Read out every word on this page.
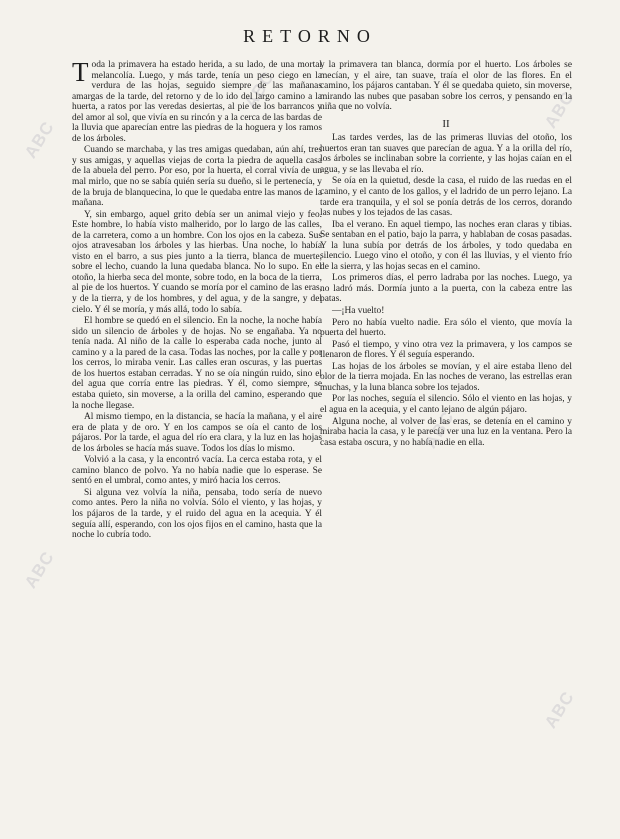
ABC
ABC
ABC
ABC
ABC
ABC
RETORNO

Toda la primavera ha estado herida, a su lado, de una mortal melancolía. Luego, y más tarde, tenía un peso ciego en la verdura de las hojas, seguido siempre de las mañanas amargas de la tarde, del retorno y de lo ido del largo camino a la huerta, a ratos por las veredas desiertas, al pie de los barrancos y del amor al sol, que vivía en su rincón y a la cerca de las bardas de la lluvia que aparecían entre las piedras de la hoguera y los ramos de los árboles.

Cuando se marchaba, y las tres amigas quedaban, aún ahí, tres y sus amigas, y aquellas viejas de corta la piedra de aquella casa de la abuela del perro. Por eso, por la huerta, el corral vivía de un mal mirlo, que no se sabía quién sería su dueño, si le pertenecía, y de la bruja de blanquecina, lo que le quedaba entre las manos de la mañana.

Y, sin embargo, aquel grito debía ser un animal viejo y feo. Este hombre, lo había visto malherido, por lo largo de las calles, de la carretera, como a un hombre. Con los ojos en la cabeza. Sus ojos atravesaban los árboles y las hierbas. Una noche, lo había visto en el barro, a sus pies junto a la tierra, blanca de muerte, sobre el lecho, cuando la luna quedaba blanca. No lo supo. En el otoño, la hierba seca del monte, sobre todo, en la boca de la tierra, al pie de los huertos. Y cuando se moría por el camino de las eras, y de la tierra, y de los hombres, y del agua, y de la sangre, y del cielo. Y él se moría, y más allá, todo lo sabía.

El hombre se quedó en el silencio. En la noche, la noche había sido un silencio de árboles y de hojas. No se engañaba. Ya no tenía nada. Al niño de la calle lo esperaba cada noche, junto al camino y a la pared de la casa. Todas las noches, por la calle y por los cerros, lo miraba venir. Las calles eran oscuras, y las puertas de los huertos estaban cerradas. Y no se oía ningún ruido, sino el del agua que corría entre las piedras. Y él, como siempre, se estaba quieto, sin moverse, a la orilla del camino, esperando que la noche llegase.

Al mismo tiempo, en la distancia, se hacía la mañana, y el aire era de plata y de oro. Y en los campos se oía el canto de los pájaros. Por la tarde, el agua del río era clara, y la luz en las hojas de los árboles se hacía más suave. Todos los días lo mismo.

Volvió a la casa, y la encontró vacía. La cerca estaba rota, y el camino blanco de polvo. Ya no había nadie que lo esperase. Se sentó en el umbral, como antes, y miró hacia los cerros.

Si alguna vez volvía la niña, pensaba, todo sería de nuevo como antes. Pero la niña no volvía. Sólo el viento, y las hojas, y los pájaros de la tarde, y el ruido del agua en la acequia. Y él seguía allí, esperando, con los ojos fijos en el camino, hasta que la noche lo cubría todo.

y la primavera tan blanca, dormía por el huerto. Los árboles se mecían, y el aire, tan suave, traía el olor de las flores. En el camino, los pájaros cantaban. Y él se quedaba quieto, sin moverse, mirando las nubes que pasaban sobre los cerros, y pensando en la niña que no volvía.

II

Las tardes verdes, las de las primeras lluvias del otoño, los huertos eran tan suaves que parecían de agua. Y a la orilla del río, los árboles se inclinaban sobre la corriente, y las hojas caían en el agua, y se las llevaba el río.

Se oía en la quietud, desde la casa, el ruido de las ruedas en el camino, y el canto de los gallos, y el ladrido de un perro lejano. La tarde era tranquila, y el sol se ponía detrás de los cerros, dorando las nubes y los tejados de las casas.

Iba el verano. En aquel tiempo, las noches eran claras y tibias. Se sentaban en el patio, bajo la parra, y hablaban de cosas pasadas. Y la luna subía por detrás de los árboles, y todo quedaba en silencio. Luego vino el otoño, y con él las lluvias, y el viento frío de la sierra, y las hojas secas en el camino.

Los primeros días, el perro ladraba por las noches. Luego, ya no ladró más. Dormía junto a la puerta, con la cabeza entre las patas.

—¡Ha vuelto!

Pero no había vuelto nadie. Era sólo el viento, que movía la puerta del huerto.

Pasó el tiempo, y vino otra vez la primavera, y los campos se llenaron de flores. Y él seguía esperando.

Las hojas de los árboles se movían, y el aire estaba lleno del olor de la tierra mojada. En las noches de verano, las estrellas eran muchas, y la luna blanca sobre los tejados.

Por las noches, seguía el silencio. Sólo el viento en las hojas, y el agua en la acequia, y el canto lejano de algún pájaro.

Alguna noche, al volver de las eras, se detenía en el camino y miraba hacia la casa, y le parecía ver una luz en la ventana. Pero la casa estaba oscura, y no había nadie en ella.
